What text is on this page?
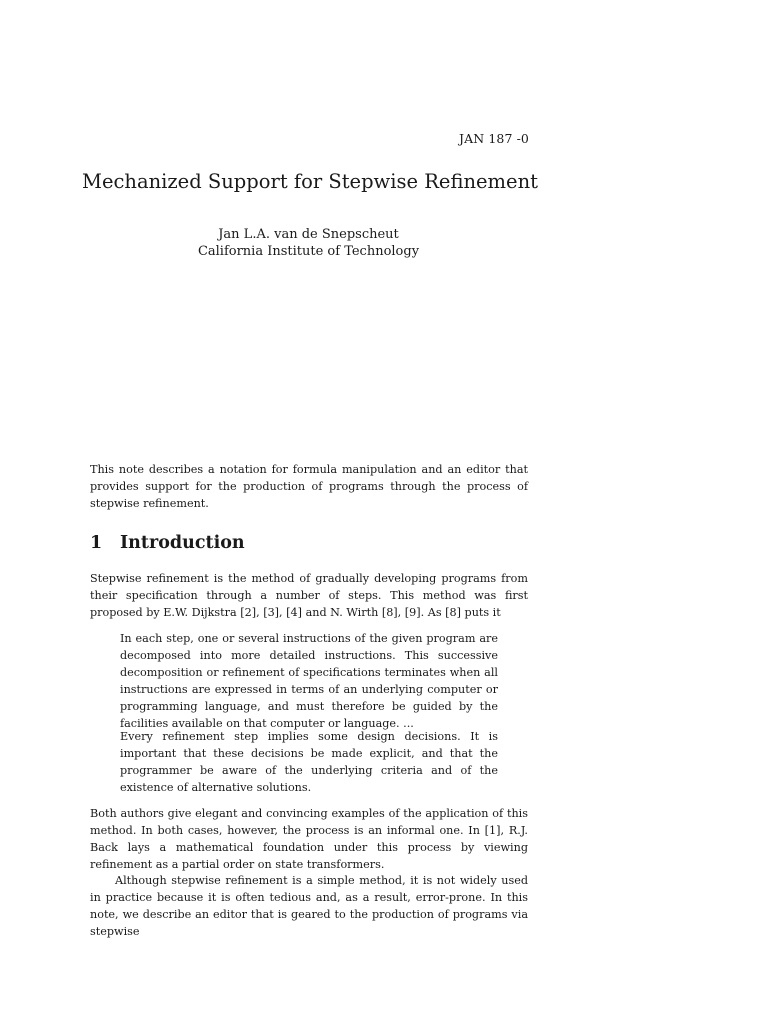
JAN 187 -0
Mechanized Support for Stepwise Refinement
Jan L.A. van de Snepscheut
California Institute of Technology

This note describes a notation for formula manipulation and an editor that provides support for the production of programs through the process of stepwise refinement.

1 Introduction

Stepwise refinement is the method of gradually developing programs from their specification through a number of steps. This method was first proposed by E.W. Dijkstra [2], [3], [4] and N. Wirth [8], [9]. As [8] puts it

In each step, one or several instructions of the given program are decomposed into more detailed instructions. This successive decomposition or refinement of specifications terminates when all instructions are expressed in terms of an underlying computer or programming language, and must therefore be guided by the facilities available on that computer or language. ...

Every refinement step implies some design decisions. It is important that these decisions be made explicit, and that the programmer be aware of the underlying criteria and of the existence of alternative solutions.

Both authors give elegant and convincing examples of the application of this method. In both cases, however, the process is an informal one. In [1], R.J. Back lays a mathematical foundation under this process by viewing refinement as a partial order on state transformers.

Although stepwise refinement is a simple method, it is not widely used in practice because it is often tedious and, as a result, error-prone. In this note, we describe an editor that is geared to the production of programs via stepwise
